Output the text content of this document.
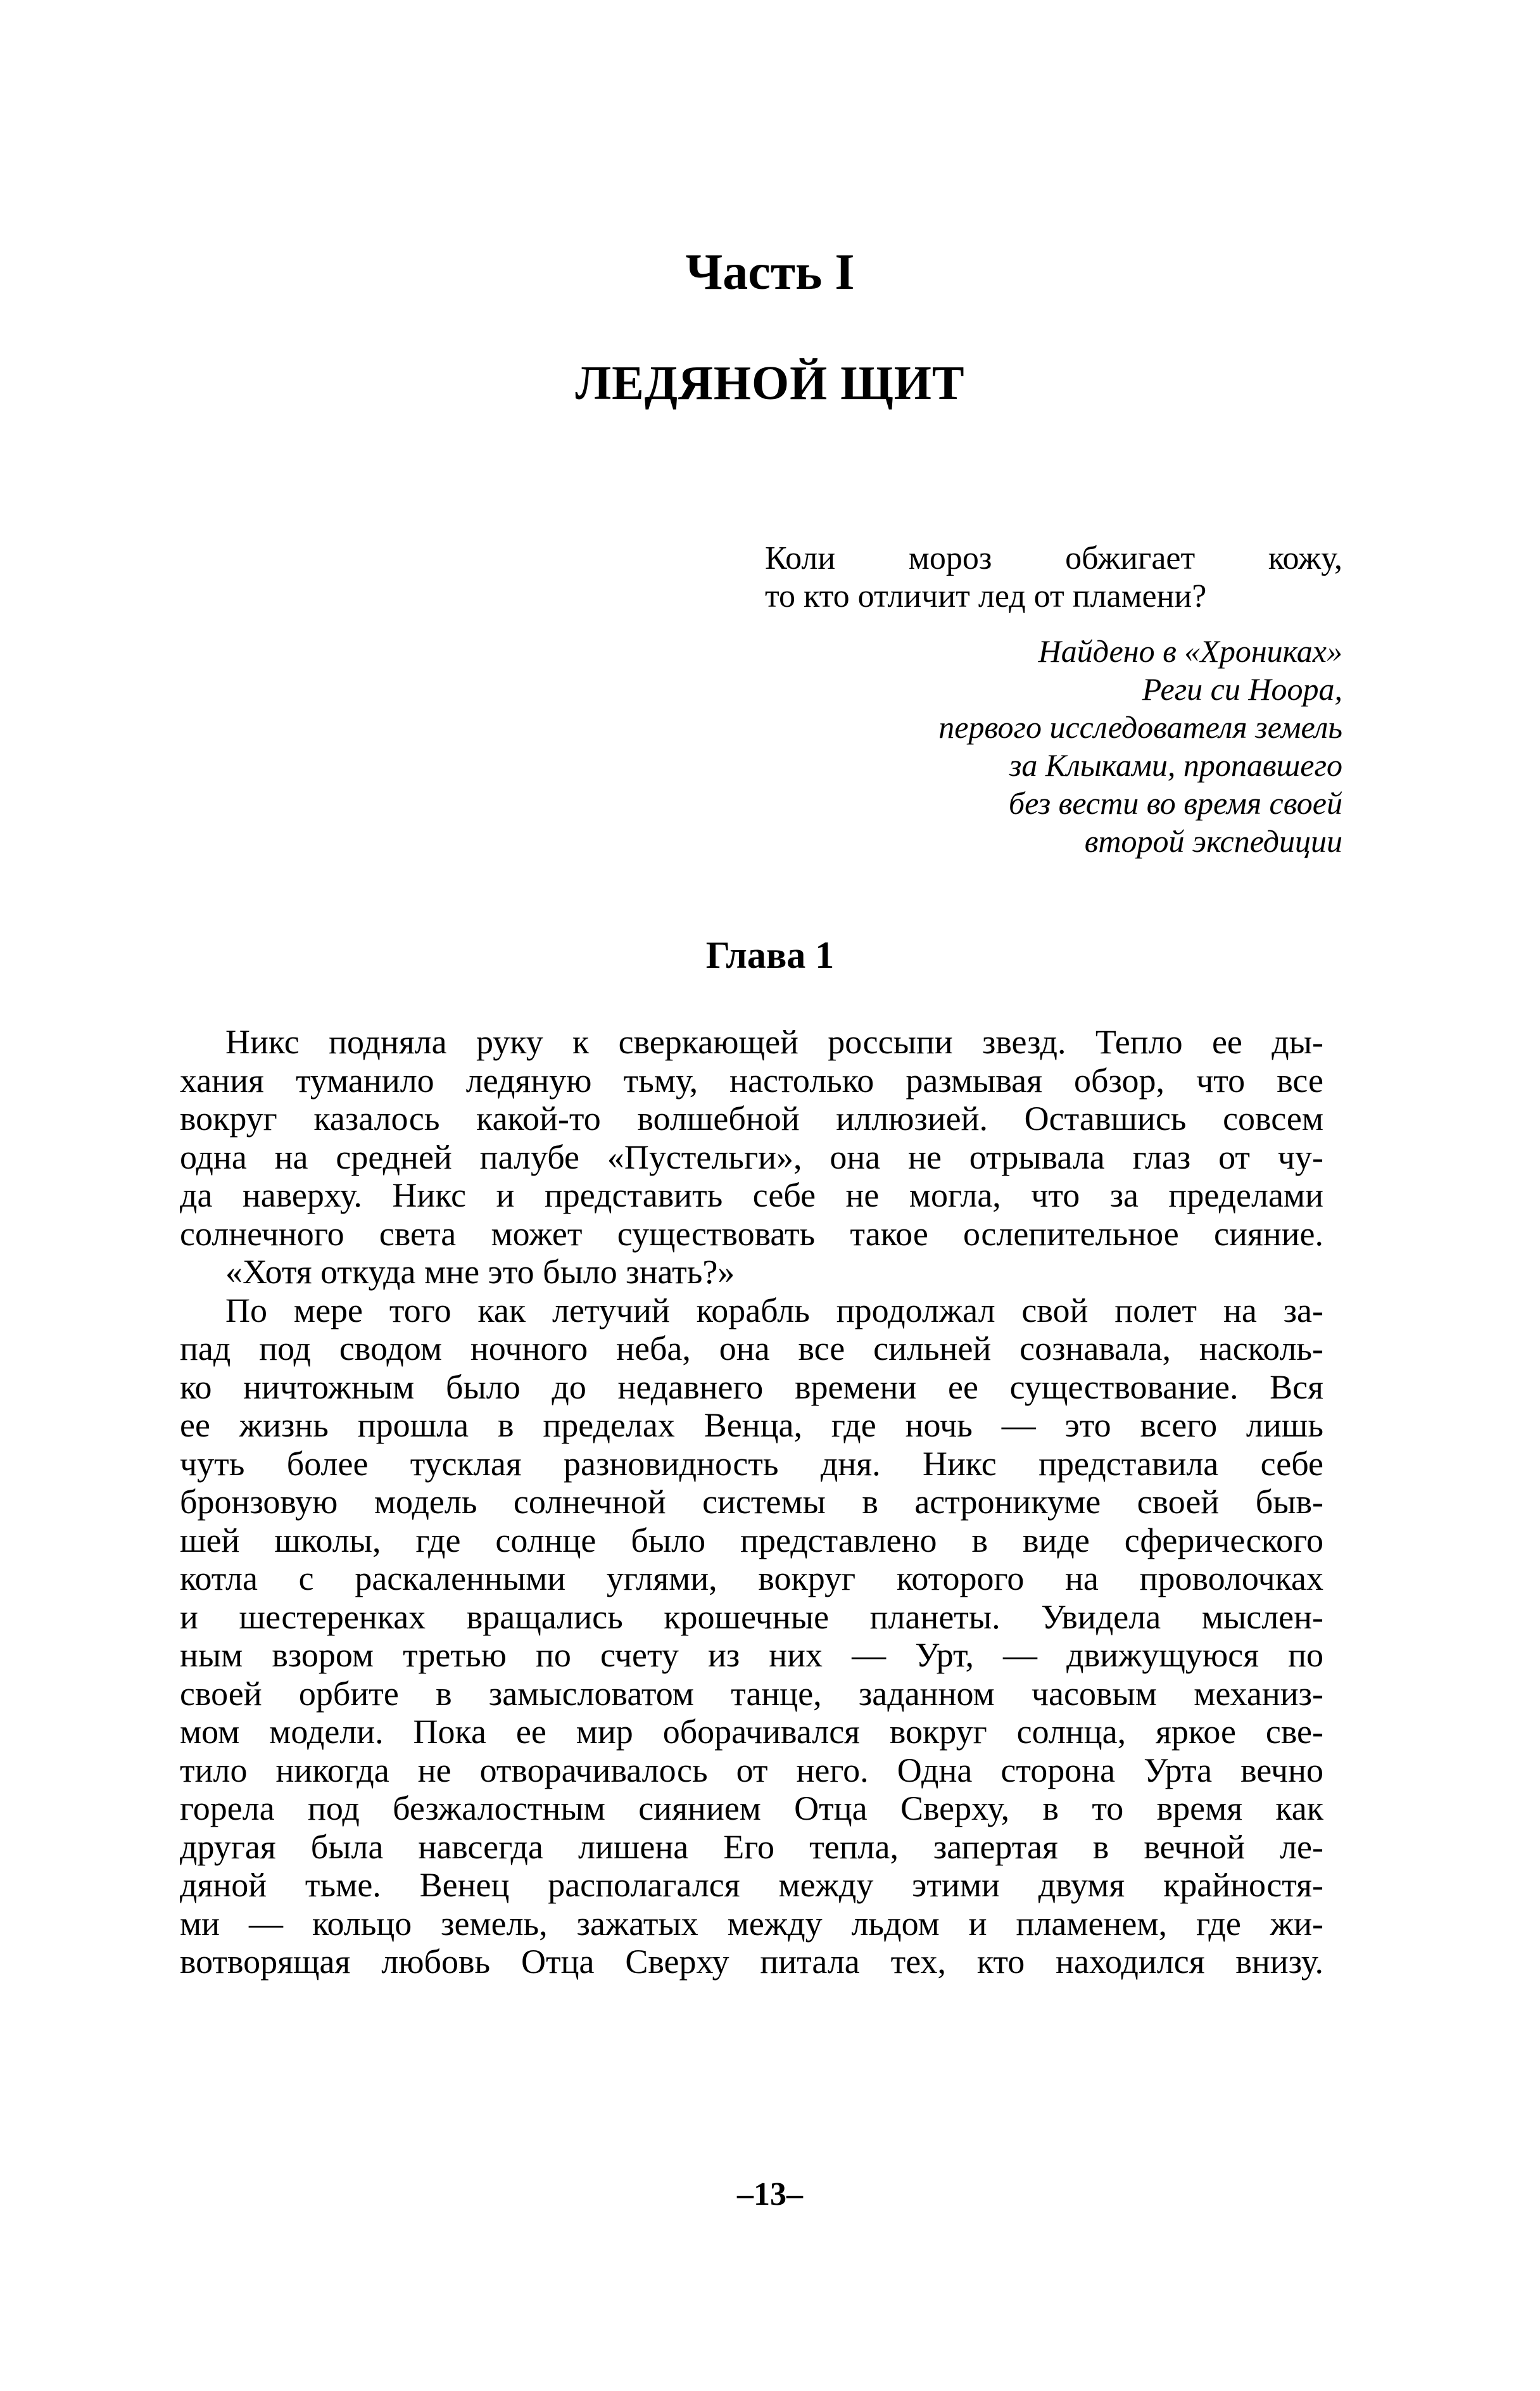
Часть I
ЛЕДЯНОЙ ЩИТ
Коли мороз обжигает кожу,
то кто отличит лед от пламени?
Найдено в «Хрониках»
Реги си Ноора,
первого исследователя земель
за Клыками, пропавшего
без вести во время своей
второй экспедиции
Глава 1
Никс подняла руку к сверкающей россыпи звезд. Тепло ее ды-
хания туманило ледяную тьму, настолько размывая обзор, что все
вокруг казалось какой-то волшебной иллюзией. Оставшись совсем
одна на средней палубе «Пустельги», она не отрывала глаз от чу-
да наверху. Никс и представить себе не могла, что за пределами
солнечного света может существовать такое ослепительное сияние.
«Хотя откуда мне это было знать?»
По мере того как летучий корабль продолжал свой полет на за-
пад под сводом ночного неба, она все сильней сознавала, насколь-
ко ничтожным было до недавнего времени ее существование. Вся
ее жизнь прошла в пределах Венца, где ночь — это всего лишь
чуть более тусклая разновидность дня. Никс представила себе
бронзовую модель солнечной системы в астроникуме своей быв-
шей школы, где солнце было представлено в виде сферического
котла с раскаленными углями, вокруг которого на проволочках
и шестеренках вращались крошечные планеты. Увидела мыслен-
ным взором третью по счету из них — Урт, — движущуюся по
своей орбите в замысловатом танце, заданном часовым механиз-
мом модели. Пока ее мир оборачивался вокруг солнца, яркое све-
тило никогда не отворачивалось от него. Одна сторона Урта вечно
горела под безжалостным сиянием Отца Сверху, в то время как
другая была навсегда лишена Его тепла, запертая в вечной ле-
дяной тьме. Венец располагался между этими двумя крайностя-
ми — кольцо земель, зажатых между льдом и пламенем, где жи-
вотворящая любовь Отца Сверху питала тех, кто находился внизу.
–13–
